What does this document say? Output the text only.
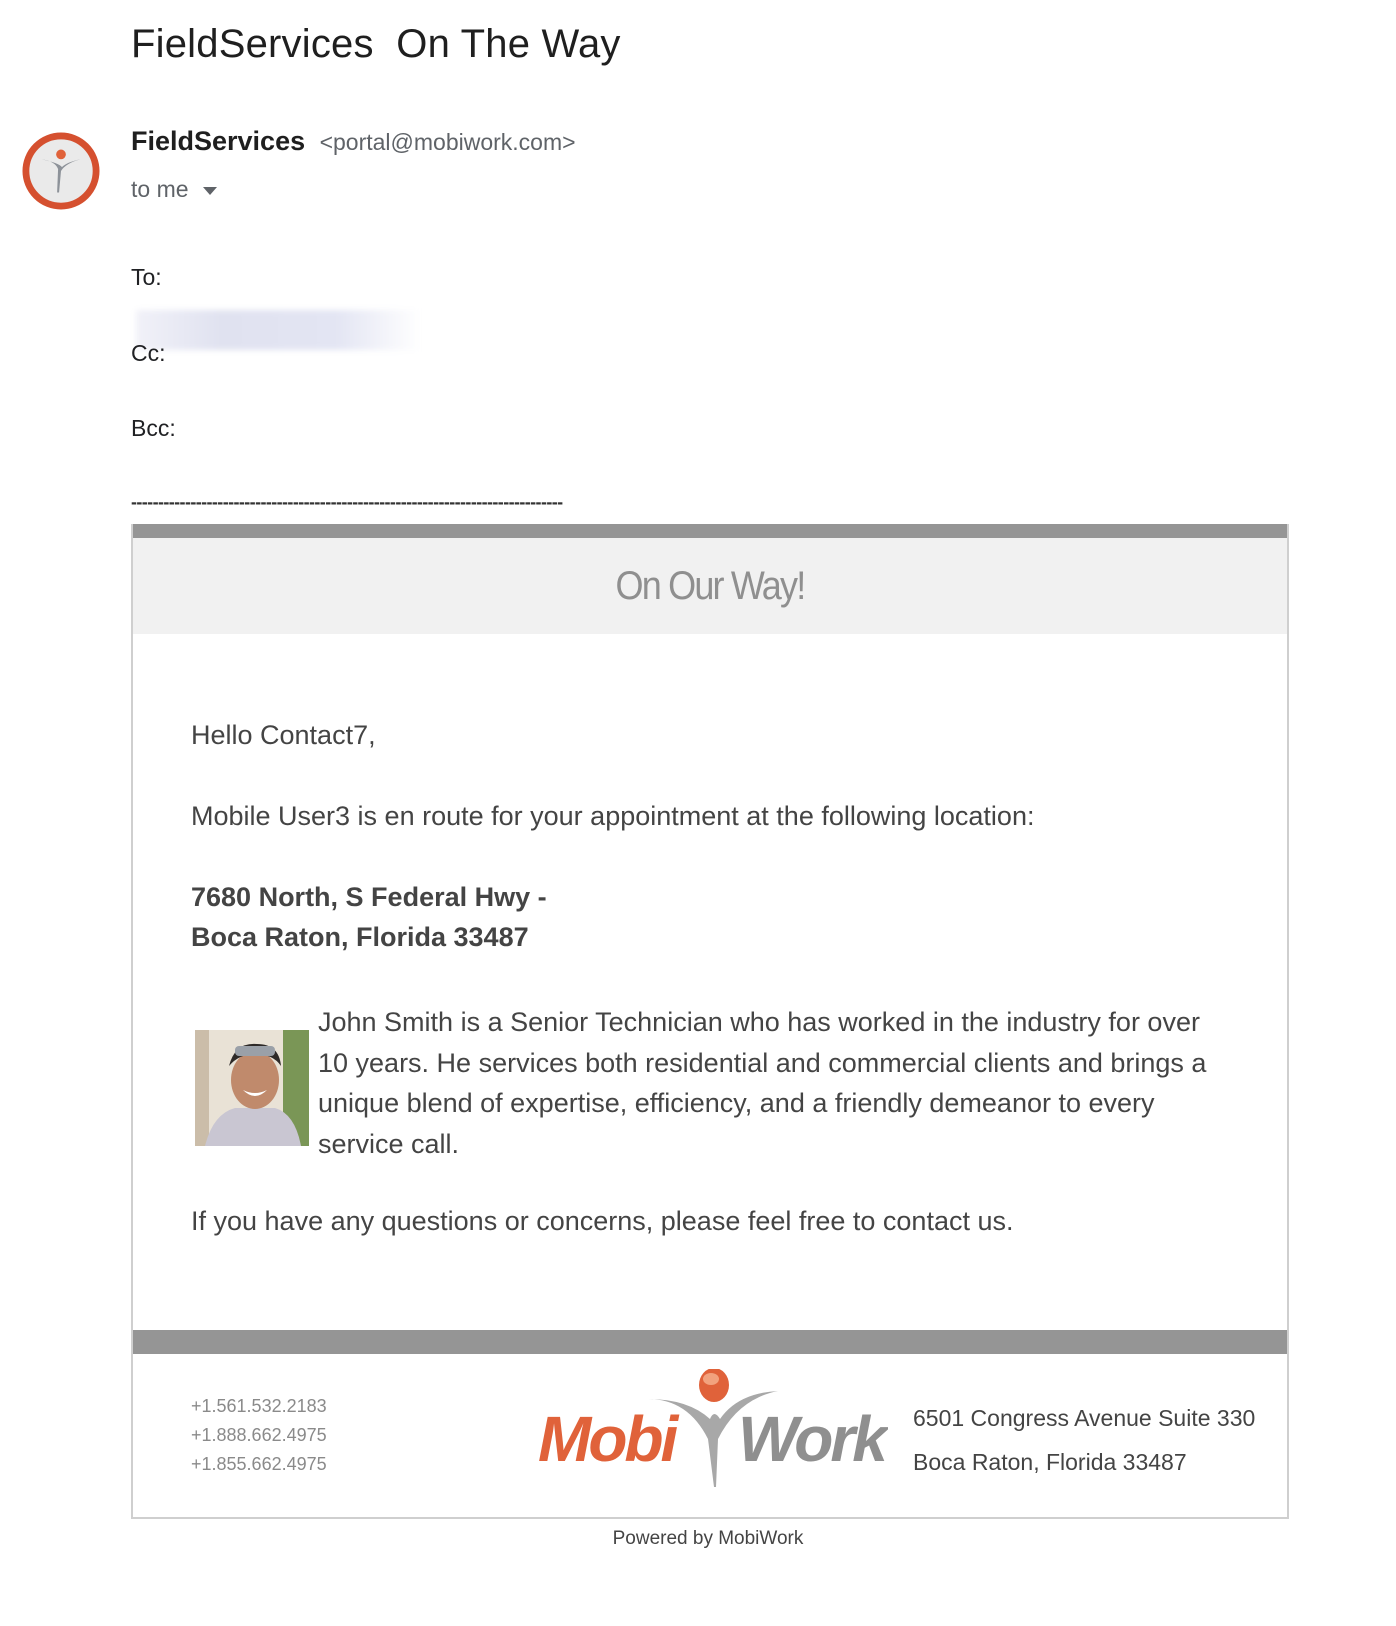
FieldServices  On The Way
FieldServices <portal@mobiwork.com>
to me
To:
Cc:
Bcc:
--------------------------------------------------------------------------------
On Our Way!
Hello Contact7,
Mobile User3 is en route for your appointment at the following location:
7680 North, S Federal Hwy -
Boca Raton, Florida 33487
John Smith is a Senior Technician who has worked in the industry for over 10 years. He services both residential and commercial clients and brings a unique blend of expertise, efficiency, and a friendly demeanor to every service call.
If you have any questions or concerns, please feel free to contact us.
+1.561.532.2183
+1.888.662.4975
+1.855.662.4975	Mobi Work 6501 Congress Avenue Suite 330
Boca Raton, Florida 33487
Powered by MobiWork
